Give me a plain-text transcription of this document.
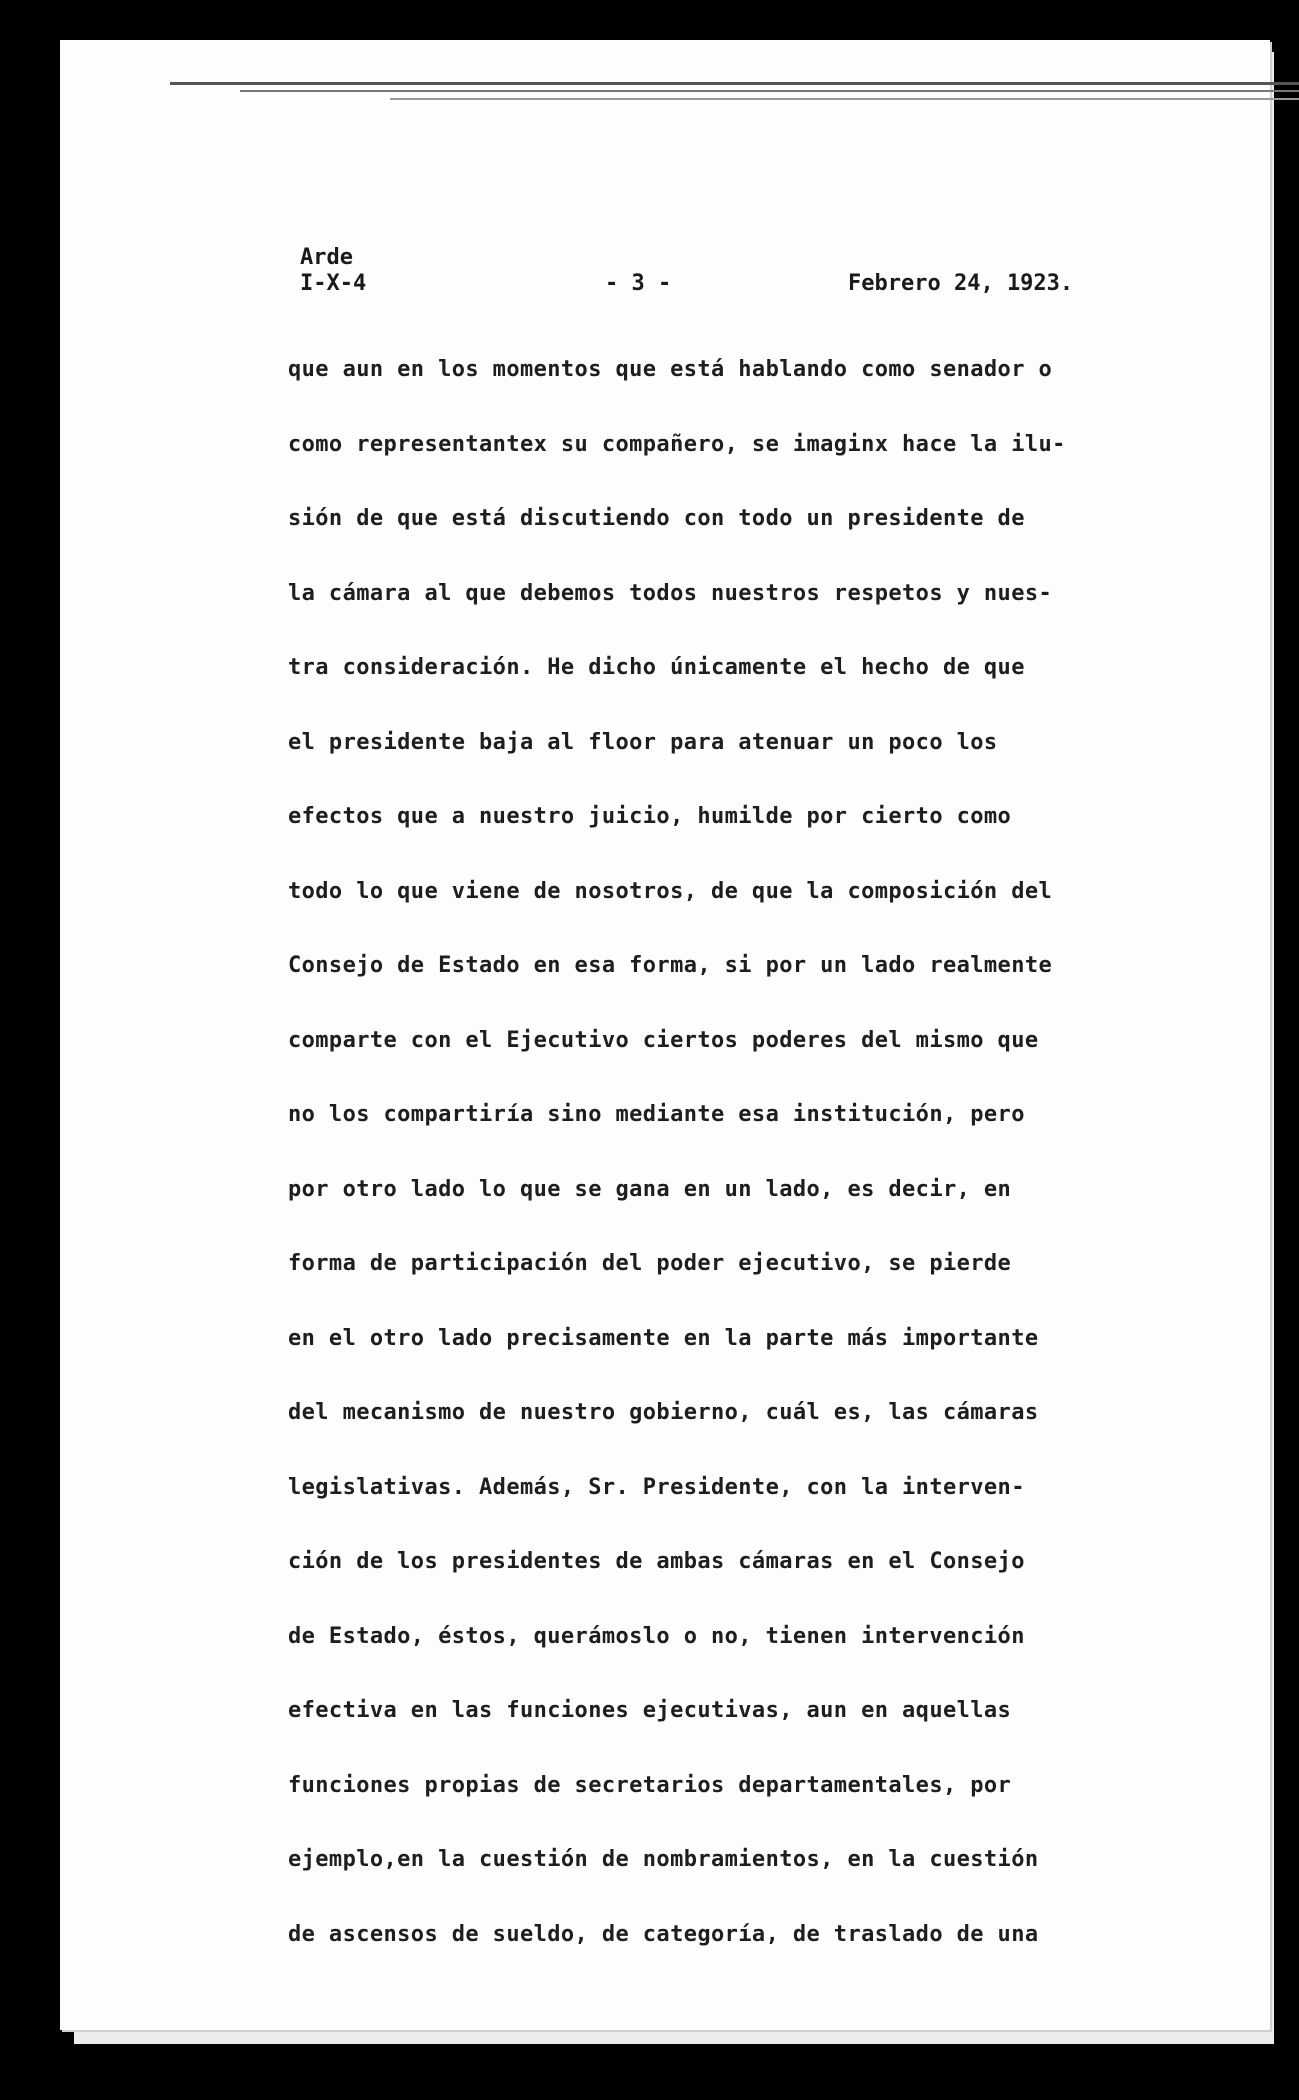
Arde
I-X-4	- 3 -	Febrero 24, 1923.
que aun en los momentos que está hablando como senador o
como representantex su compañero, se imaginx hace la ilu-
sión de que está discutiendo con todo un presidente de
la cámara al que debemos todos nuestros respetos y nues-
tra consideración. He dicho únicamente el hecho de que
el presidente baja al floor para atenuar un poco los
efectos que a nuestro juicio, humilde por cierto como
todo lo que viene de nosotros, de que la composición del
Consejo de Estado en esa forma, si por un lado realmente
comparte con el Ejecutivo ciertos poderes del mismo que
no los compartiría sino mediante esa institución, pero
por otro lado lo que se gana en un lado, es decir, en
forma de participación del poder ejecutivo, se pierde
en el otro lado precisamente en la parte más importante
del mecanismo de nuestro gobierno, cuál es, las cámaras
legislativas. Además, Sr. Presidente, con la interven-
ción de los presidentes de ambas cámaras en el Consejo
de Estado, éstos, querámoslo o no, tienen intervención
efectiva en las funciones ejecutivas, aun en aquellas
funciones propias de secretarios departamentales, por
ejemplo,en la cuestión de nombramientos, en la cuestión
de ascensos de sueldo, de categoría, de traslado de una
